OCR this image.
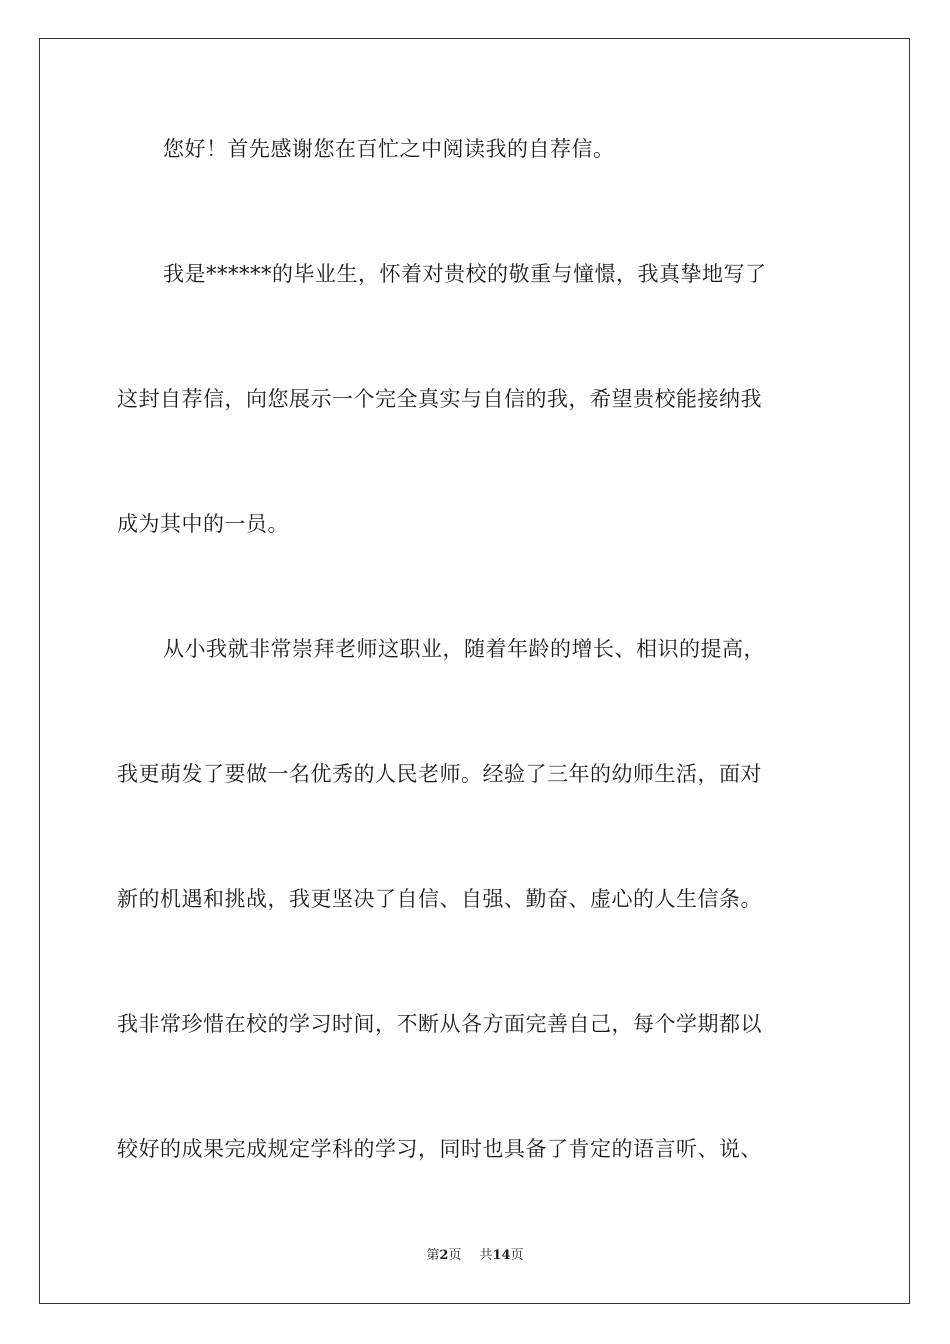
您好！首先感谢您在百忙之中阅读我的自荐信。
我是******的毕业生，怀着对贵校的敬重与憧憬，我真挚地写了
这封自荐信，向您展示一个完全真实与自信的我，希望贵校能接纳我
成为其中的一员。
从小我就非常崇拜老师这职业，随着年龄的增长、相识的提高，
我更萌发了要做一名优秀的人民老师。经验了三年的幼师生活，面对
新的机遇和挑战，我更坚决了自信、自强、勤奋、虚心的人生信条。
我非常珍惜在校的学习时间，不断从各方面完善自己，每个学期都以
较好的成果完成规定学科的学习，同时也具备了肯定的语言听、说、
第2页 共14页
